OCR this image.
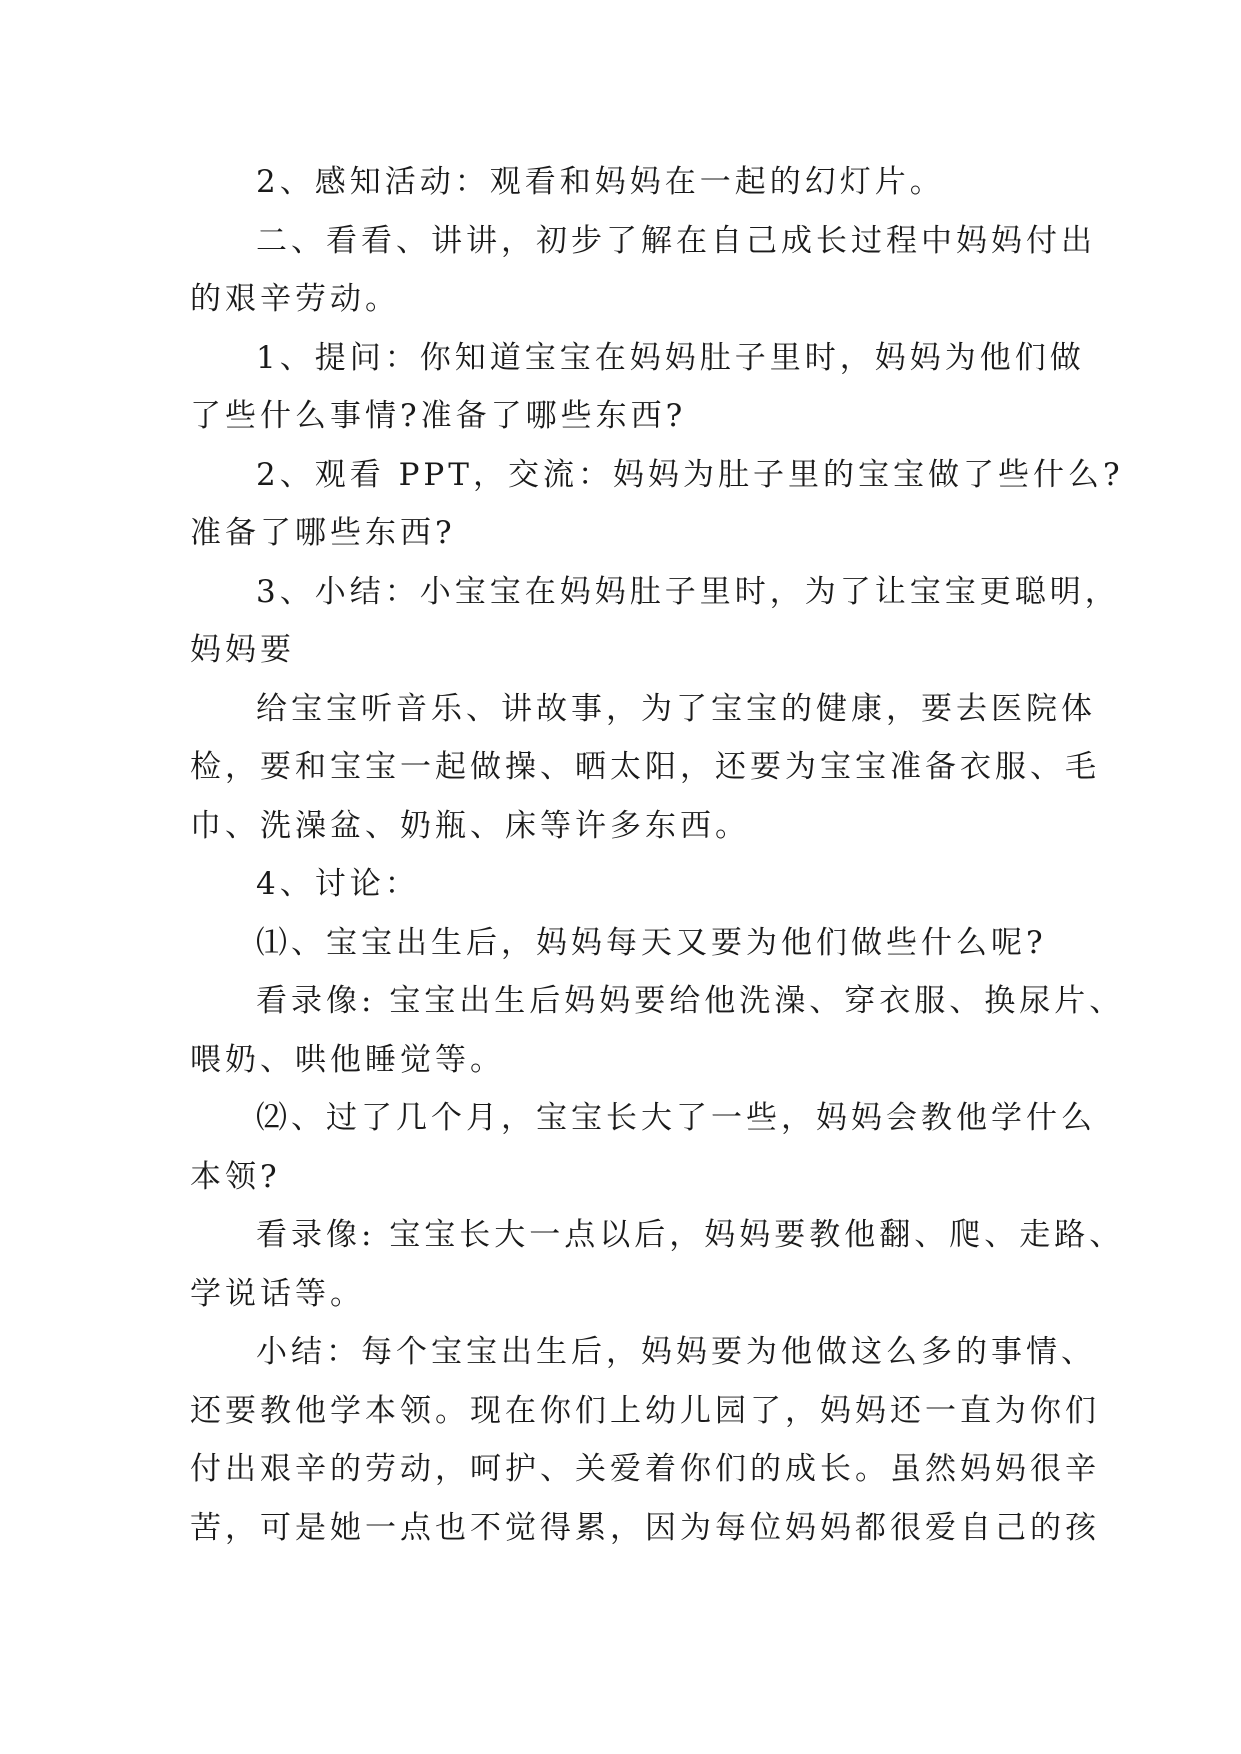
2、感知活动：观看和妈妈在一起的幻灯片。
二、看看、讲讲，初步了解在自己成长过程中妈妈付出
的艰辛劳动。
1、提问：你知道宝宝在妈妈肚子里时，妈妈为他们做
了些什么事情?准备了哪些东西?
2、观看 PPT，交流：妈妈为肚子里的宝宝做了些什么?
准备了哪些东西?
3、小结：小宝宝在妈妈肚子里时，为了让宝宝更聪明，
妈妈要
给宝宝听音乐、讲故事，为了宝宝的健康，要去医院体
检，要和宝宝一起做操、晒太阳，还要为宝宝准备衣服、毛
巾、洗澡盆、奶瓶、床等许多东西。
4、讨论：
⑴、宝宝出生后，妈妈每天又要为他们做些什么呢?
看录像: 宝宝出生后妈妈要给他洗澡、穿衣服、换尿片、
喂奶、哄他睡觉等。
⑵、过了几个月，宝宝长大了一些，妈妈会教他学什么
本领?
看录像: 宝宝长大一点以后，妈妈要教他翻、爬、走路、
学说话等。
小结：每个宝宝出生后，妈妈要为他做这么多的事情、
还要教他学本领。现在你们上幼儿园了，妈妈还一直为你们
付出艰辛的劳动，呵护、关爱着你们的成长。虽然妈妈很辛
苦，可是她一点也不觉得累，因为每位妈妈都很爱自己的孩
